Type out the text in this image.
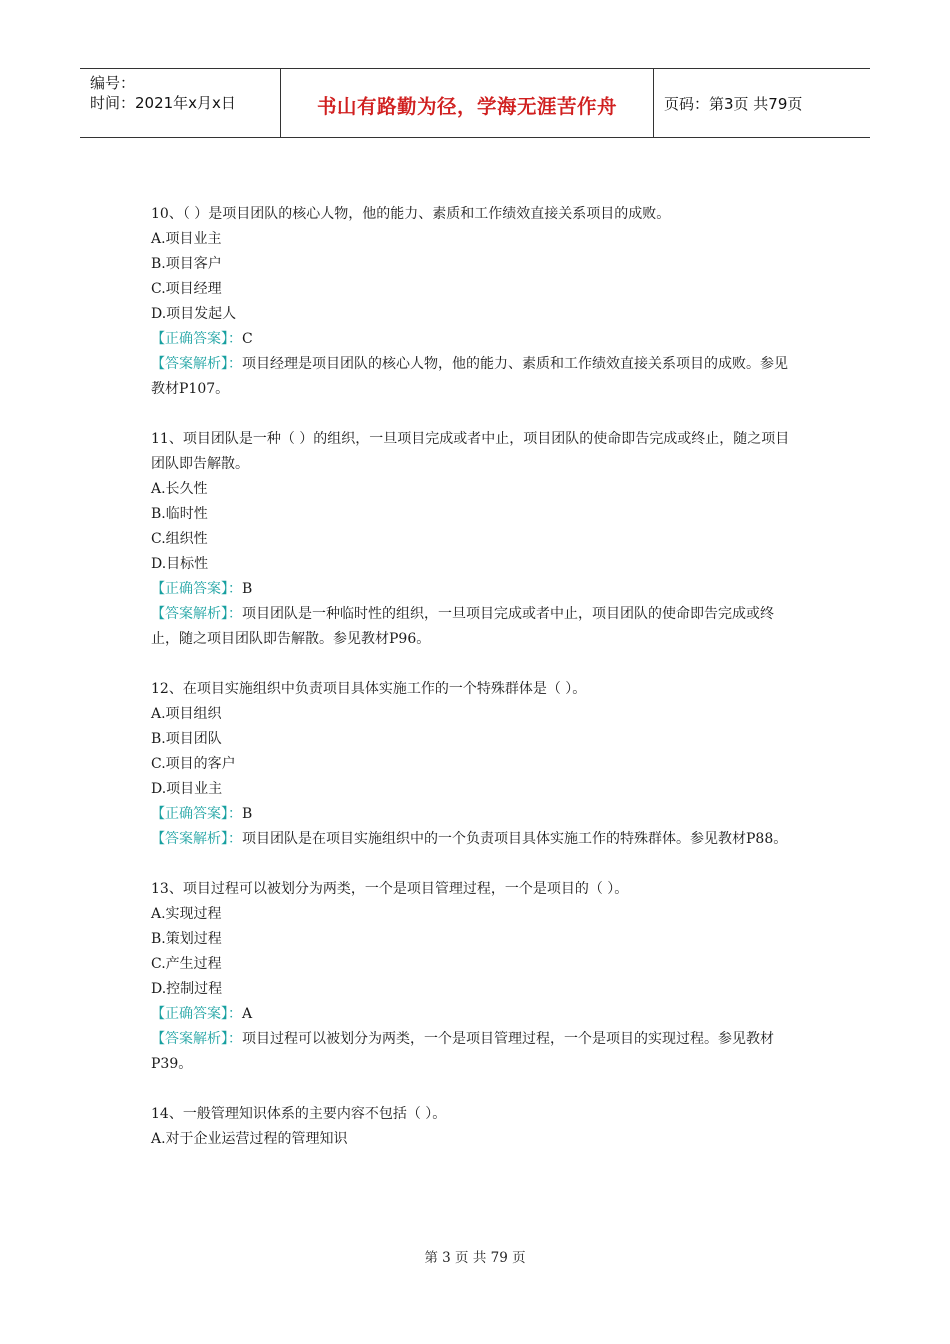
编号：
时间：2021年x月x日	书山有路勤为径，学海无涯苦作舟	页码：第3页 共79页
10、（ ）是项目团队的核心人物，他的能力、素质和工作绩效直接关系项目的成败。
A.项目业主
B.项目客户
C.项目经理
D.项目发起人
【正确答案】：C
【答案解析】：项目经理是项目团队的核心人物，他的能力、素质和工作绩效直接关系项目的成败。参见教材P107。
11、项目团队是一种（ ）的组织，一旦项目完成或者中止，项目团队的使命即告完成或终止，随之项目团队即告解散。
A.长久性
B.临时性
C.组织性
D.目标性
【正确答案】：B
【答案解析】：项目团队是一种临时性的组织，一旦项目完成或者中止，项目团队的使命即告完成或终止，随之项目团队即告解散。参见教材P96。
12、在项目实施组织中负责项目具体实施工作的一个特殊群体是（ ）。
A.项目组织
B.项目团队
C.项目的客户
D.项目业主
【正确答案】：B
【答案解析】：项目团队是在项目实施组织中的一个负责项目具体实施工作的特殊群体。参见教材P88。
13、项目过程可以被划分为两类，一个是项目管理过程，一个是项目的（ ）。
A.实现过程
B.策划过程
C.产生过程
D.控制过程
【正确答案】：A
【答案解析】：项目过程可以被划分为两类，一个是项目管理过程，一个是项目的实现过程。参见教材P39。
14、一般管理知识体系的主要内容不包括（ ）。
A.对于企业运营过程的管理知识
第 3 页 共 79 页
